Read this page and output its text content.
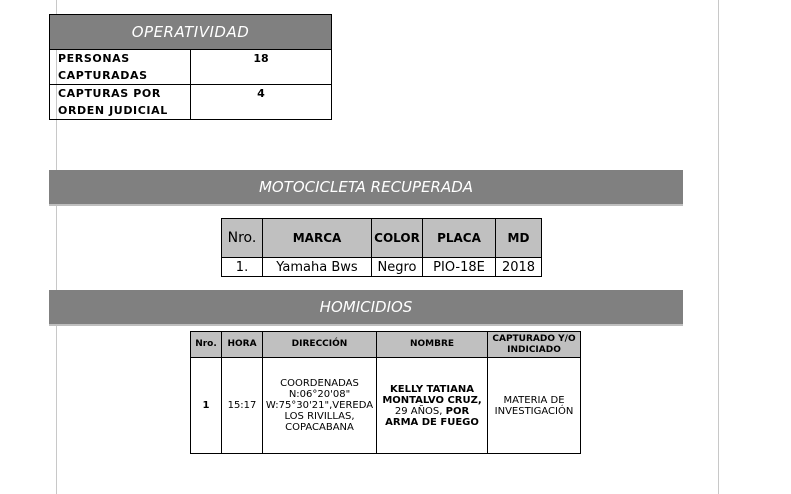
OPERATIVIDAD	
PERSONAS CAPTURADAS	18
CAPTURAS POR ORDEN JUDICIAL	4
MOTOCICLETA RECUPERADA
Nro.	MARCA	COLOR	PLACA	MD
1.	Yamaha Bws	Negro	PIO-18E	2018
HOMICIDIOS
Nro.	HORA	DIRECCIÓN	NOMBRE	CAPTURADO Y/O INDICIADO
1	15:17	COORDENADAS N:06°20'08" W:75°30'21",VEREDA LOS RIVILLAS, COPACABANA	KELLY TATIANA MONTALVO CRUZ, 29 AÑOS, POR ARMA DE FUEGO	MATERIA DE INVESTIGACIÓN
